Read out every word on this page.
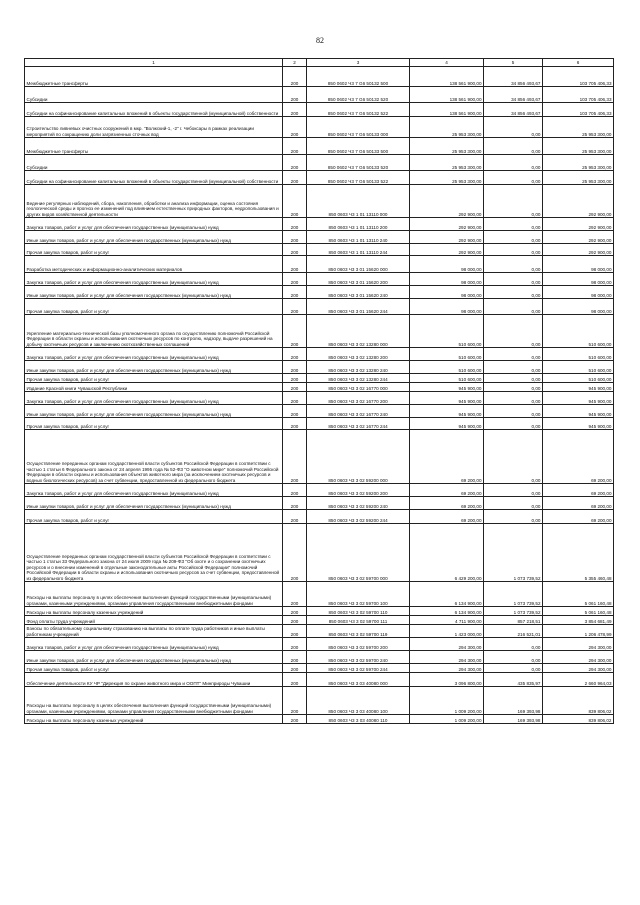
82
1	2	3	4	5	6
Межбюджетные трансферты	200	850 0602 Ч3 7 G6 50132 500	138 561 900,00	34 856 493,67	103 705 406,33
Субсидии	200	850 0602 Ч3 7 G6 50132 520	138 561 900,00	34 856 493,67	103 705 406,33
Субсидии на софинансирование капитальных вложений в объекты государственной (муниципальной) собственности	200	850 0602 Ч3 7 G6 50132 522	138 561 900,00	34 856 493,67	103 705 406,33
Строительство ливневых очистных сооружений в мкр. "Волжский-1, -2" г. Чебоксары в рамках реализации мероприятий по сокращению доли загрязненных сточных вод	200	850 0602 Ч3 7 G6 50133 000	25 953 300,00	0,00	25 953 300,00
Межбюджетные трансферты	200	850 0602 Ч3 7 G6 50133 500	25 953 300,00	0,00	25 953 300,00
Субсидии	200	850 0602 Ч3 7 G6 50133 520	25 953 300,00	0,00	25 953 300,00
Субсидии на софинансирование капитальных вложений в объекты государственной (муниципальной) собственности	200	850 0602 Ч3 7 G6 50133 522	25 953 300,00	0,00	25 953 300,00
Ведение регулярных наблюдений, сбора, накопления, обработки и анализа информации, оценка состояния геологической среды и прогноз ее изменений под влиянием естественных природных факторов, недропользования и других видов хозяйственной деятельности	200	850 0603 Ч3 1 01 13110 000	292 900,00	0,00	292 900,00
Закупка товаров, работ и услуг для обеспечения государственных (муниципальных) нужд	200	850 0603 Ч3 1 01 13110 200	292 900,00	0,00	292 900,00
Иные закупки товаров, работ и услуг для обеспечения государственных (муниципальных) нужд	200	850 0603 Ч3 1 01 13110 240	292 900,00	0,00	292 900,00
Прочая закупка товаров, работ и услуг	200	850 0603 Ч3 1 01 13110 244	292 900,00	0,00	292 900,00
Разработка методических и информационно-аналитических материалов	200	850 0603 Ч3 3 01 15620 000	98 000,00	0,00	98 000,00
Закупка товаров, работ и услуг для обеспечения государственных (муниципальных) нужд	200	850 0603 Ч3 3 01 15620 200	98 000,00	0,00	98 000,00
Иные закупки товаров, работ и услуг для обеспечения государственных (муниципальных) нужд	200	850 0603 Ч3 3 01 15620 240	98 000,00	0,00	98 000,00
Прочая закупка товаров, работ и услуг	200	850 0603 Ч3 3 01 15620 244	98 000,00	0,00	98 000,00
Укрепление материально-технической базы уполномоченного органа по осуществлению полномочий Российской Федерации в области охраны и использования охотничьих ресурсов по контролю, надзору, выдаче разрешений на добычу охотничьих ресурсов и заключению охотхозяйственных соглашений	200	850 0603 Ч3 3 02 13280 000	510 600,00	0,00	510 600,00
Закупка товаров, работ и услуг для обеспечения государственных (муниципальных) нужд	200	850 0603 Ч3 3 02 13280 200	510 600,00	0,00	510 600,00
Иные закупки товаров, работ и услуг для обеспечения государственных (муниципальных) нужд	200	850 0603 Ч3 3 02 13280 240	510 600,00	0,00	510 600,00
Прочая закупка товаров, работ и услуг	200	850 0603 Ч3 3 02 13280 244	510 600,00	0,00	510 600,00
Издание Красной книги Чувашской Республики	200	850 0603 Ч3 3 02 16770 000	945 900,00	0,00	945 900,00
Закупка товаров, работ и услуг для обеспечения государственных (муниципальных) нужд	200	850 0603 Ч3 3 02 16770 200	945 900,00	0,00	945 900,00
Иные закупки товаров, работ и услуг для обеспечения государственных (муниципальных) нужд	200	850 0603 Ч3 3 02 16770 240	945 900,00	0,00	945 900,00
Прочая закупка товаров, работ и услуг	200	850 0603 Ч3 3 02 16770 244	945 900,00	0,00	945 900,00
Осуществление переданных органам государственной власти субъектов Российской Федерации в соответствии с частью 1 статьи 6 Федерального закона от 24 апреля 1995 года № 52-ФЗ "О животном мире" полномочий Российской Федерации в области охраны и использования объектов животного мира (за исключением охотничьих ресурсов и водных биологических ресурсов) за счет субвенции, предоставленной из федерального бюджета	200	850 0603 Ч3 3 02 59200 000	69 200,00	0,00	69 200,00
Закупка товаров, работ и услуг для обеспечения государственных (муниципальных) нужд	200	850 0603 Ч3 3 02 59200 200	69 200,00	0,00	69 200,00
Иные закупки товаров, работ и услуг для обеспечения государственных (муниципальных) нужд	200	850 0603 Ч3 3 02 59200 240	69 200,00	0,00	69 200,00
Прочая закупка товаров, работ и услуг	200	850 0603 Ч3 3 02 59200 244	69 200,00	0,00	69 200,00
Осуществление переданных органам государственной власти субъектов Российской Федерации в соответствии с частью 1 статьи 33 Федерального закона от 24 июля 2009 года № 209-ФЗ "Об охоте и о сохранении охотничьих ресурсов и о внесении изменений в отдельные законодательные акты Российской Федерации" полномочий Российской Федерации в области охраны и использования охотничьих ресурсов за счет субвенции, предоставленной из федерального бюджета	200	850 0603 Ч3 3 02 59700 000	6 429 200,00	1 073 739,52	5 355 460,48
Расходы на выплаты персоналу в целях обеспечения выполнения функций государственными (муниципальными) органами, казенными учреждениями, органами управления государственными внебюджетными фондами	200	850 0603 Ч3 3 02 59700 100	6 134 900,00	1 073 739,52	5 061 160,48
Расходы на выплаты персоналу казенных учреждений	200	850 0603 Ч3 3 02 59700 110	6 134 900,00	1 073 739,52	5 061 160,48
Фонд оплаты труда учреждений	200	850 0603 Ч3 3 02 59700 111	4 711 900,00	857 218,51	3 854 681,49
Взносы по обязательному социальному страхованию на выплаты по оплате труда работников и иные выплаты работникам учреждений	200	850 0603 Ч3 3 02 59700 119	1 423 000,00	216 521,01	1 206 478,99
Закупка товаров, работ и услуг для обеспечения государственных (муниципальных) нужд	200	850 0603 Ч3 3 02 59700 200	294 300,00	0,00	294 300,00
Иные закупки товаров, работ и услуг для обеспечения государственных (муниципальных) нужд	200	850 0603 Ч3 3 02 59700 240	294 300,00	0,00	294 300,00
Прочая закупка товаров, работ и услуг	200	850 0603 Ч3 3 02 59700 244	294 300,00	0,00	294 300,00
Обеспечение деятельности КУ ЧР "Дирекция по охране животного мира и ООПТ" Минприроды Чувашии	200	850 0603 Ч3 3 03 40080 000	3 096 800,00	435 835,97	2 660 964,03
Расходы на выплаты персоналу в целях обеспечения выполнения функций государственными (муниципальными) органами, казенными учреждениями, органами управления государственными внебюджетными фондами	200	850 0603 Ч3 3 03 40080 100	1 009 200,00	169 393,98	839 806,02
Расходы на выплаты персоналу казенных учреждений	200	850 0603 Ч3 3 03 40080 110	1 009 200,00	169 393,98	839 806,02
